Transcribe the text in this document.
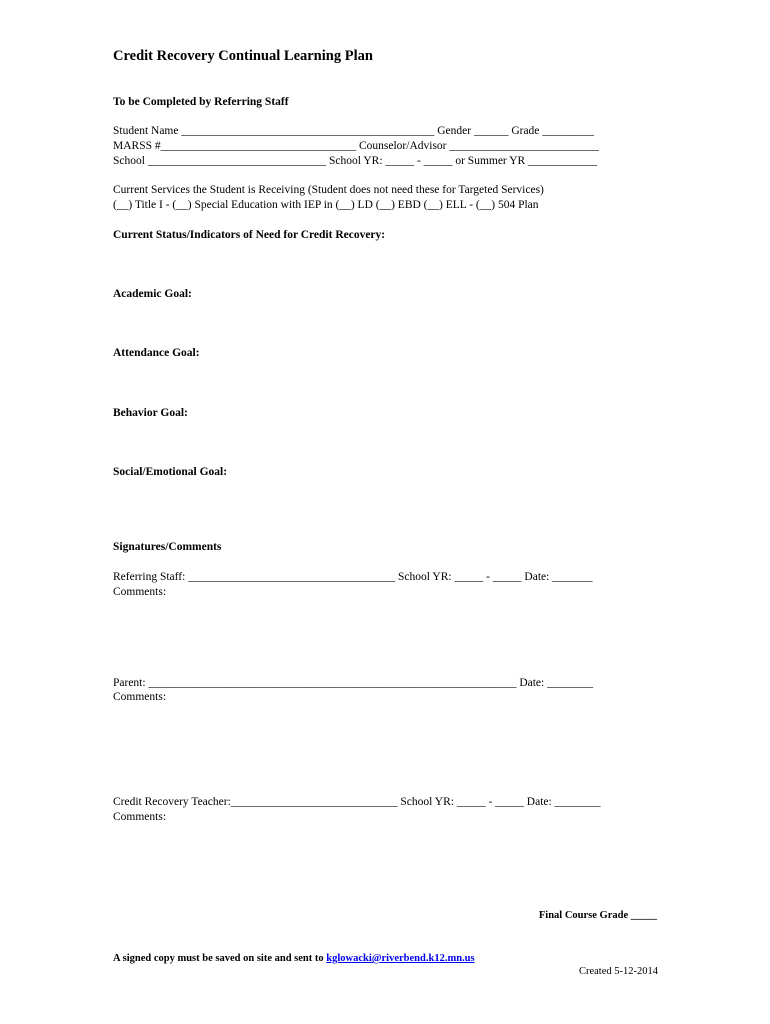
Credit Recovery Continual Learning Plan
To be Completed by Referring Staff
Student Name ____________________________________________ Gender ______ Grade _________
MARSS #__________________________________ Counselor/Advisor __________________________
School _______________________________ School YR: _____ - _____ or Summer YR ____________
Current Services the Student is Receiving (Student does not need these for Targeted Services)
(__) Title I - (__) Special Education with IEP in (__) LD (__) EBD (__) ELL - (__) 504 Plan
Current Status/Indicators of Need for Credit Recovery:
Academic Goal:
Attendance Goal:
Behavior Goal:
Social/Emotional Goal:
Signatures/Comments
Referring Staff: ____________________________________ School YR: _____ - _____ Date: _______
Comments:
Parent: ________________________________________________________________ Date: ________
Comments:
Credit Recovery Teacher:_____________________________ School YR: _____ - _____ Date: ________
Comments:
Final Course Grade _____
A signed copy must be saved on site and sent to kglowacki@riverbend.k12.mn.us
Created 5-12-2014
